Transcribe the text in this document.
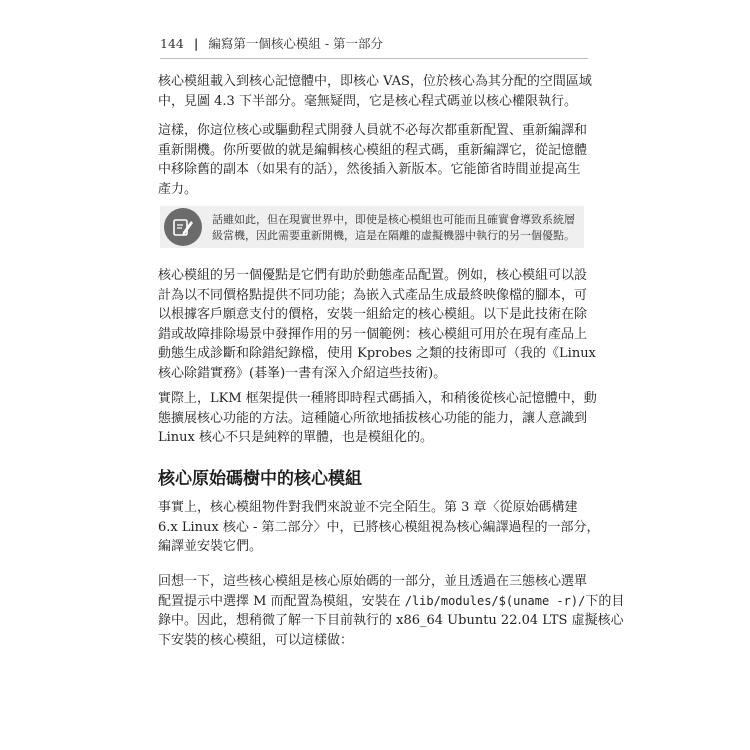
144 | 編寫第一個核心模組 - 第一部分

核心模組載入到核心記憶體中，即核心 VAS，位於核心為其分配的空間區域
中，見圖 4.3 下半部分。毫無疑問，它是核心程式碼並以核心權限執行。

這樣，你這位核心或驅動程式開發人員就不必每次都重新配置、重新編譯和
重新開機。你所要做的就是編輯核心模組的程式碼，重新編譯它，從記憶體
中移除舊的副本（如果有的話），然後插入新版本。它能節省時間並提高生
產力。

話雖如此，但在現實世界中，即使是核心模組也可能而且確實會導致系統層
級當機，因此需要重新開機，這是在隔離的虛擬機器中執行的另一個優點。

核心模組的另一個優點是它們有助於動態產品配置。例如，核心模組可以設
計為以不同價格點提供不同功能；為嵌入式產品生成最終映像檔的腳本，可
以根據客戶願意支付的價格，安裝一組給定的核心模組。以下是此技術在除
錯或故障排除場景中發揮作用的另一個範例：核心模組可用於在現有產品上
動態生成診斷和除錯紀錄檔，使用 Kprobes 之類的技術即可（我的《Linux
核心除錯實務》(碁峯)一書有深入介紹這些技術)。

實際上，LKM 框架提供一種將即時程式碼插入，和稍後從核心記憶體中，動
態擴展核心功能的方法。這種隨心所欲地插拔核心功能的能力，讓人意識到
Linux 核心不只是純粹的單體，也是模組化的。

核心原始碼樹中的核心模組

事實上，核心模組物件對我們來說並不完全陌生。第 3 章〈從原始碼構建
6.x Linux 核心 - 第二部分〉中，已將核心模組視為核心編譯過程的一部分，
編譯並安裝它們。

回想一下，這些核心模組是核心原始碼的一部分，並且透過在三態核心選單
配置提示中選擇 M 而配置為模組，安裝在 /lib/modules/$(uname -r)/下的目
錄中。因此，想稍微了解一下目前執行的 x86_64 Ubuntu 22.04 LTS 虛擬核心
下安裝的核心模組，可以這樣做：
